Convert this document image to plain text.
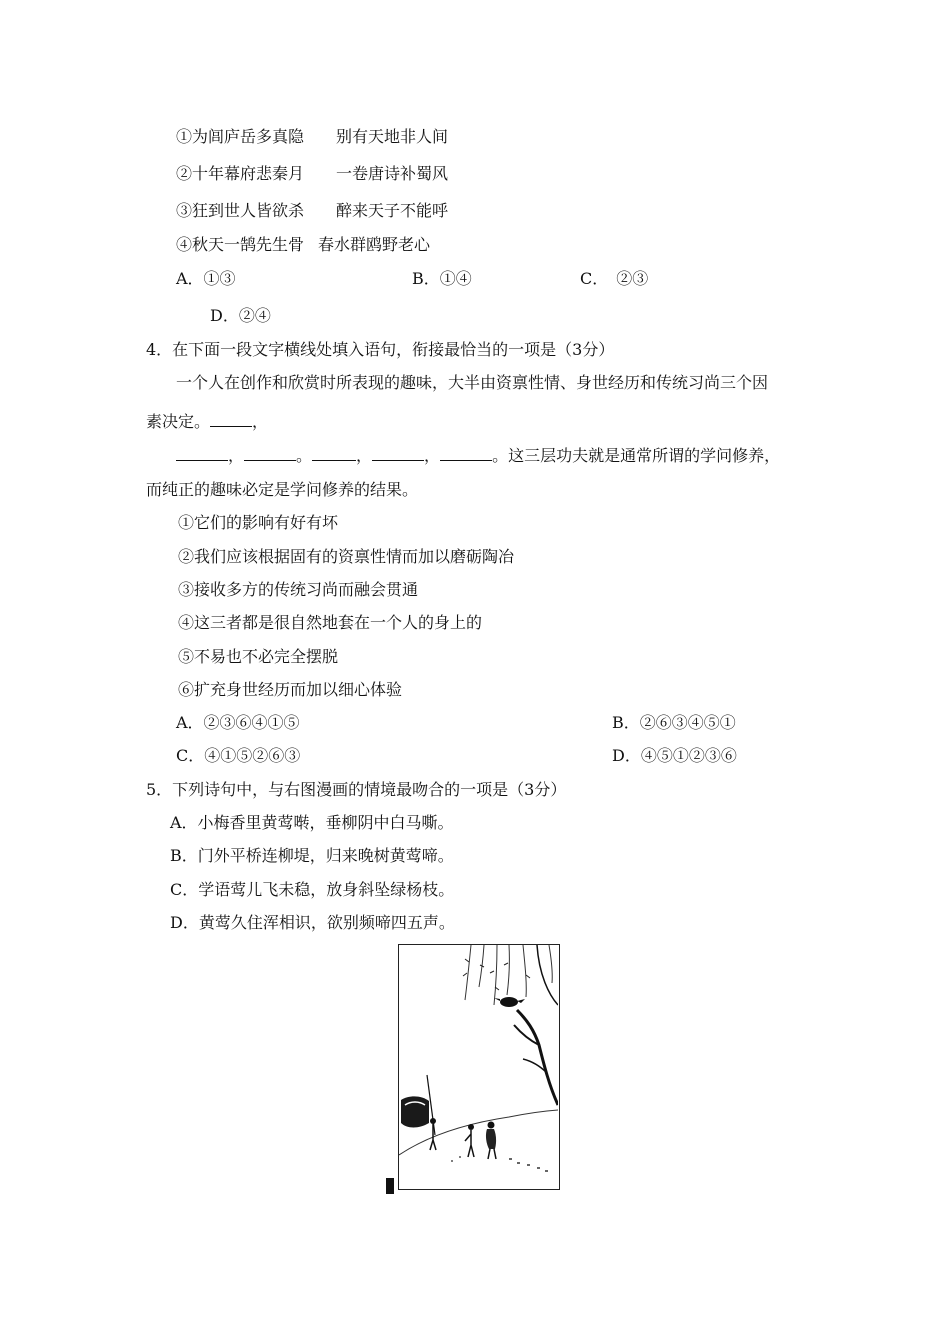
①为闾庐岳多真隐 别有天地非人间
②十年幕府悲秦月 一卷唐诗补蜀风
③狂到世人皆欲杀 醉来天子不能呼
④秋天一鹄先生骨 春水群鸥野老心
A．①③	B．①④	C．　②③
D．②④
4．在下面一段文字横线处填入语句，衔接最恰当的一项是（3分）
一个人在创作和欣赏时所表现的趣味，大半由资禀性情、身世经历和传统习尚三个因
素决定。	，
，	。	，	，	。这三层功夫就是通常所谓的学问修养，
而纯正的趣味必定是学问修养的结果。
①它们的影响有好有坏
②我们应该根据固有的资禀性情而加以磨砺陶冶
③接收多方的传统习尚而融会贯通
④这三者都是很自然地套在一个人的身上的
⑤不易也不必完全摆脱
⑥扩充身世经历而加以细心体验
A．②③⑥④①⑤	B．②⑥③④⑤①
C．④①⑤②⑥③	D．④⑤①②③⑥
5．下列诗句中，与右图漫画的情境最吻合的一项是（3分）
A．小梅香里黄莺啭，垂柳阴中白马嘶。
B．门外平桥连柳堤，归来晚树黄莺啼。
C．学语莺儿飞未稳，放身斜坠绿杨枝。
D．黄莺久住浑相识，欲别频啼四五声。
